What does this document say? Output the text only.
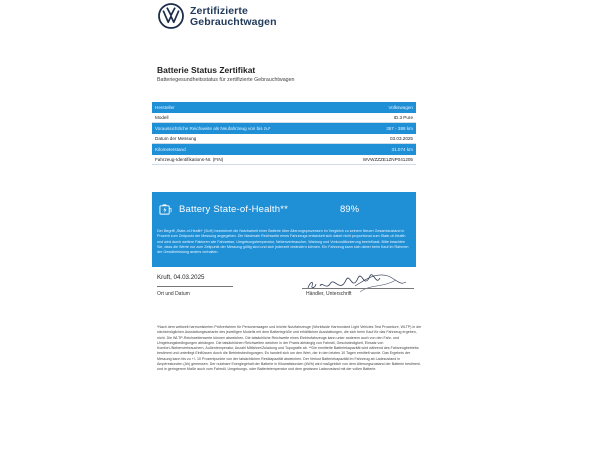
Zertifizierte
Gebrauchtwagen
Batterie Status Zertifikat
Batteriegesundheitsstatus für zertifizierte Gebrauchtwagen
Hersteller	Volkswagen
Modell	ID.3 Pure
Voraussichtliche Reichweite als Neufahrzeug von bis zu*	357 - 388 km
Datum der Messung	03.03.2025
Kilometerstand	31.074 km
Fahrzeug-Identifikations-Nr. (FIN)	WVWZZZE1ZNP041205
Battery State-of-Health**	89%
Der Begriff „State-of-Health“ (SoH) bezeichnet die Nutzbarkeit einer Batterie über Alterungsprozessen im Vergleich zu seinem Neuen Gesamtzustand in Prozent zum Zeitpunkt der Messung angegeben. Die Maximale Reichweite eines Fahrzeugs entwickelt sich dabei nicht proportional zum State-of-Health und wird durch weitere Faktoren wie Fahrweise, Umgebungstemperatur, Nebenverbraucher, Wartung und Vorkonditionierung beeinflusst. Bitte beachten Sie, dass die Werte nur zum Zeitpunkt der Messung gültig sind und sich jederzeit verändern können. Ein Fahrzeug kann sich daher beim Kauf im Rahmen der Gewährleistung anders verhalten.
Kruft, 04.03.2025
Ort und Datum	Händler, Unterschrift
*Nach dem weltweit harmonisierten Prüfverfahren für Personenwagen und leichte Nutzfahrzeuge (Worldwide Harmonized Light Vehicles Test Procedure, WLTP) in der nächstmöglichen Ausstattungsvariante des jeweiligen Modells mit dem Batteriegröße und erhältlichen Ausstattungen, die sich beim Kauf für das Fahrzeug ergeben, nicht. Die WLTP-Reichweitenwerte können abweichen. Die tatsächliche Reichweite eines Elektrofahrzeugs kann unter anderem auch von den Fahr- und Umgebungsbedingungen abhängen. Die tatsächlichen Reichweiten weichen in der Praxis abhängig von Fahrstil, Geschwindigkeit, Einsatz von Komfort-/Nebenverbrauchern, Außentemperatur, Anzahl Mitfahrer/Zuladung und Topografie ab. **Die ermittelte Batteriekapazität wird während des Fahrzeugbetriebs bestimmt und unterliegt Einflüssen durch die Betriebsbedingungen. Es handelt sich um den Wert, der in den letzten 10 Tagen ermittelt wurde. Das Ergebnis der Messung kann bis zu +/- 10 Prozentpunkte von der tatsächlichen Restkapazität abweichen. Der Verlust Batteriekapazität im Fahrzeug ab Ladezustand in Ampèrestunden (Ah) gemessen. Der nutzbare Energiegehalt der Batterie in Kilowattstunden (kWh) wird maßgeblich von dem Alterungszustand der Batterie bestimmt, und in geringerem Maße auch vom Fahrstil, Umgebungs- oder Batterietemperatur und dem gewissen Ladezustand mit der vollen Batterie.
